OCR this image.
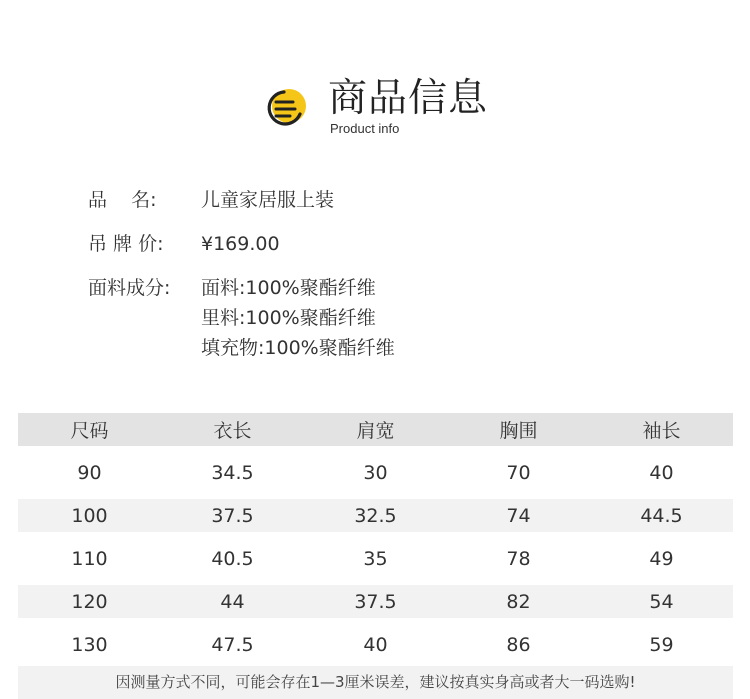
商品信息
Product info
品    名:	儿童家居服上装
吊 牌 价:	¥169.00
面料成分:	面料:100%聚酯纤维
里料:100%聚酯纤维
填充物:100%聚酯纤维
尺码	衣长	肩宽	胸围	袖长
90	34.5	30	70	40
100	37.5	32.5	74	44.5
110	40.5	35	78	49
120	44	37.5	82	54
130	47.5	40	86	59
因测量方式不同，可能会存在1—3厘米误差，建议按真实身高或者大一码选购!
